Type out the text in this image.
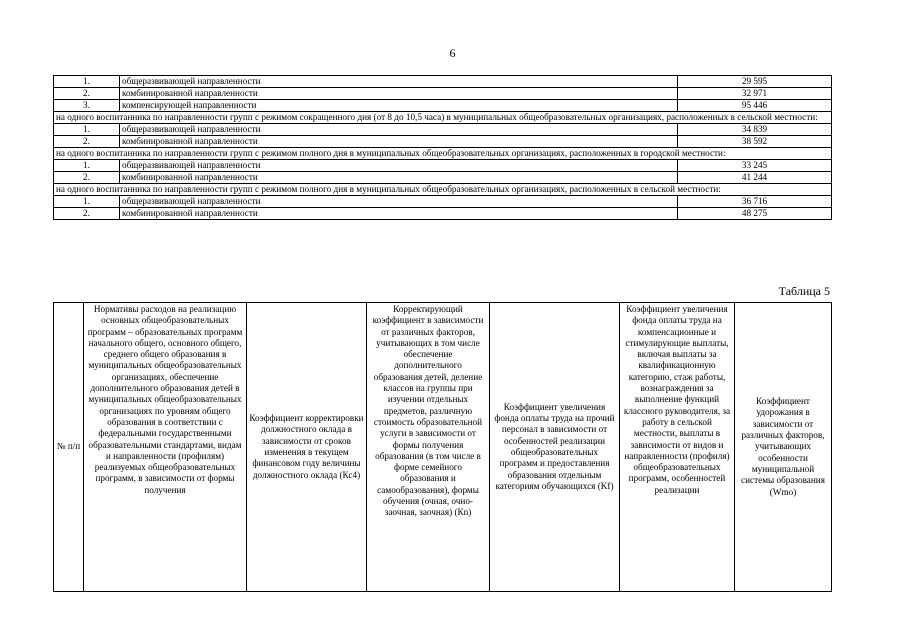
6
1.	общеразвивающей направленности	29 595
2.	комбинированной направленности	32 971
3.	компенсирующей направленности	95 446
на одного воспитанника по направленности групп с режимом сокращенного дня (от 8 до 10,5 часа) в муниципальных общеобразовательных организациях, расположенных в сельской местности:		
1.	общеразвивающей направленности	34 839
2.	комбинированной направленности	38 592
на одного воспитанника по направленности групп с режимом полного дня в муниципальных общеобразовательных организациях, расположенных в городской местности:		
1.	общеразвивающей направленности	33 245
2.	комбинированной направленности	41 244
на одного воспитанника по направленности групп с режимом полного дня в муниципальных общеобразовательных организациях, расположенных в сельской местности:		
1.	общеразвивающей направленности	36 716
2.	комбинированной направленности	48 275
Таблица 5
№ п/п	Нормативы расходов на реализацию основных общеобразовательных программ – образовательных программ начального общего, основного общего, среднего общего образования в муниципальных общеобразовательных организациях, обеспечение дополнительного образования детей в муниципальных общеобразовательных организациях по уровням общего образования в соответствии с федеральными государственными образовательными стандартами, видам и направленности (профилям) реализуемых общеобразовательных программ, в зависимости от формы получения	Коэффициент корректировки должностного оклада в зависимости от сроков изменения в текущем финансовом году величины должностного оклада (Кс4)	Корректирующий коэффициент в зависимости от различных факторов, учитывающих в том числе обеспечение дополнительного образования детей, деление классов на группы при изучении отдельных предметов, различную стоимость образовательной услуги в зависимости от формы получения образования (в том числе в форме семейного образования и самообразования), формы обучения (очная, очно-заочная, заочная) (Кn)	Коэффициент увеличения фонда оплаты труда на прочий персонал в зависимости от особенностей реализации общеобразовательных программ и предоставления образования отдельным категориям обучающихся (Kf)	Коэффициент увеличения фонда оплаты труда на компенсационные и стимулирующие выплаты, включая выплаты за квалификационную категорию, стаж работы, вознаграждения за выполнение функций классного руководителя, за работу в сельской местности, выплаты в зависимости от видов и направленности (профиля) общеобразовательных программ, особенностей реализации	Коэффициент удорожания в зависимости от различных факторов, учитывающих особенности муниципальной системы образования (Wmo)
